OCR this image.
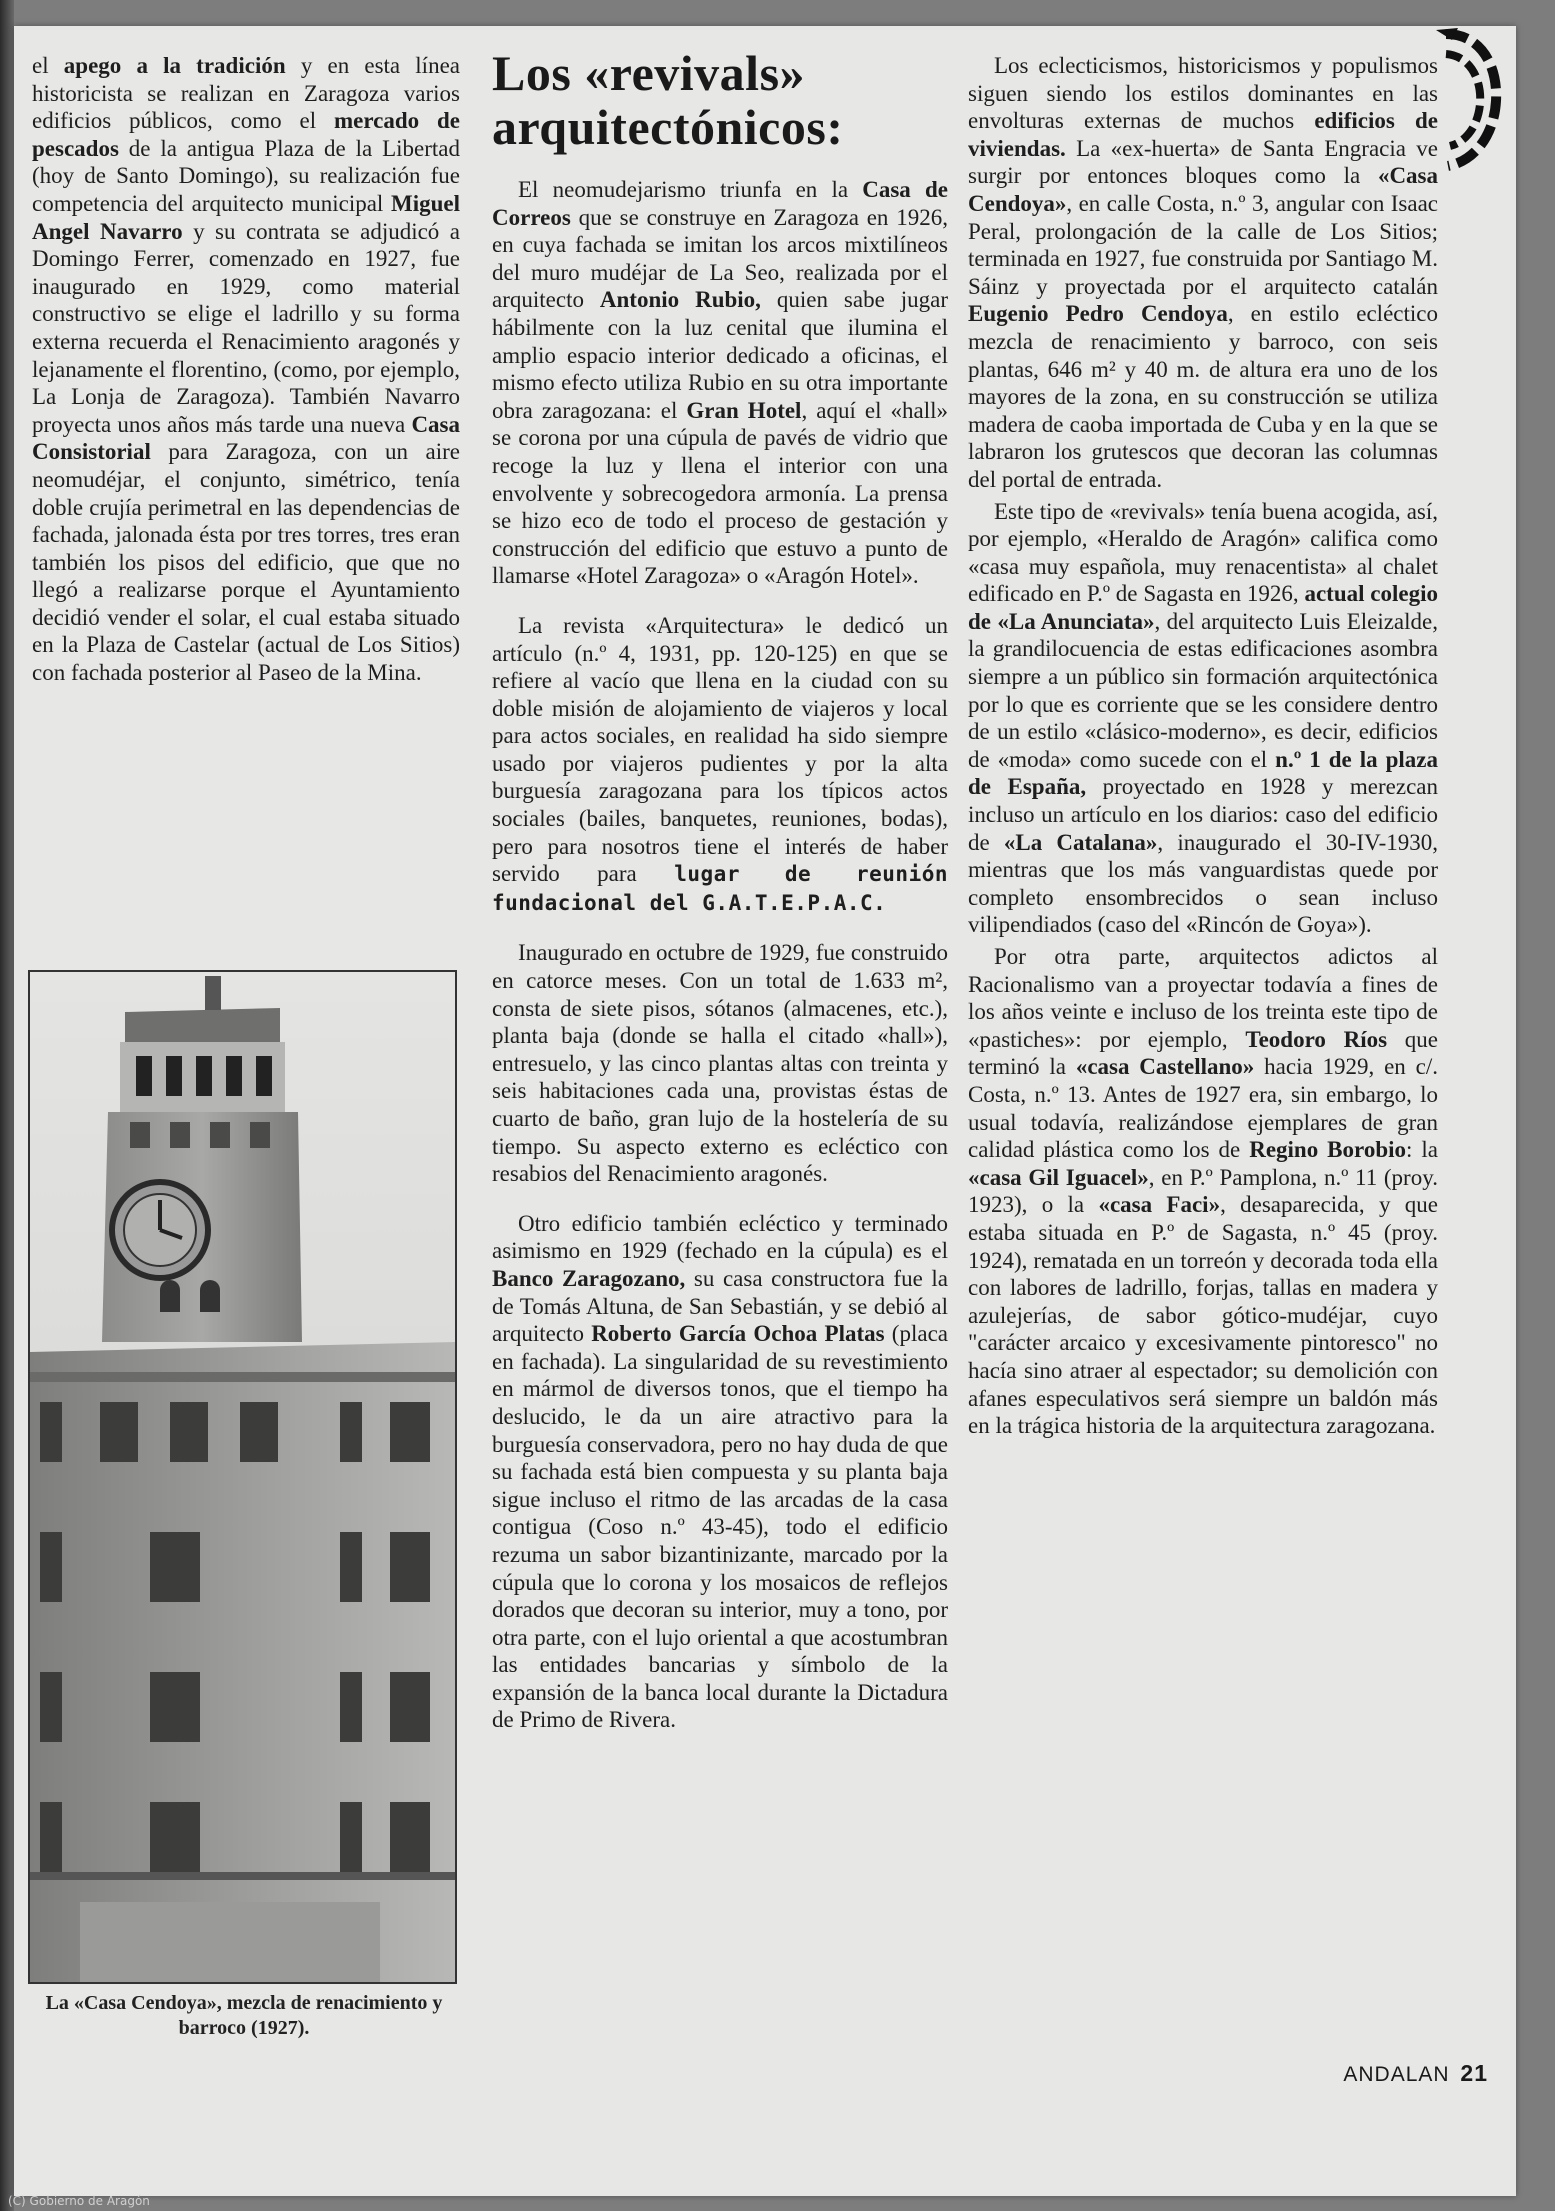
el apego a la tradición y en esta línea historicista se realizan en Zaragoza varios edificios públicos, como el mercado de pescados de la antigua Plaza de la Libertad (hoy de Santo Domingo), su realización fue competencia del arquitecto municipal Miguel Angel Navarro y su contrata se adjudicó a Domingo Ferrer, comenzado en 1927, fue inaugurado en 1929, como material constructivo se elige el ladrillo y su forma externa recuerda el Renacimiento aragonés y lejanamente el florentino, (como, por ejemplo, La Lonja de Zaragoza). También Navarro proyecta unos años más tarde una nueva Casa Consistorial para Zaragoza, con un aire neomudéjar, el conjunto, simétrico, tenía doble crujía perimetral en las dependencias de fachada, jalonada ésta por tres torres, tres eran también los pisos del edificio, que que no llegó a realizarse porque el Ayuntamiento decidió vender el solar, el cual estaba situado en la Plaza de Castelar (actual de Los Sitios) con fachada posterior al Paseo de la Mina.

La «Casa Cendoya», mezcla de renacimiento y barroco (1927).
Los «revivals» arquitectónicos:

El neomudejarismo triunfa en la Casa de Correos que se construye en Zaragoza en 1926, en cuya fachada se imitan los arcos mixtilíneos del muro mudéjar de La Seo, realizada por el arquitecto Antonio Rubio, quien sabe jugar hábilmente con la luz cenital que ilumina el amplio espacio interior dedicado a oficinas, el mismo efecto utiliza Rubio en su otra importante obra zaragozana: el Gran Hotel, aquí el «hall» se corona por una cúpula de pavés de vidrio que recoge la luz y llena el interior con una envolvente y sobrecogedora armonía. La prensa se hizo eco de todo el proceso de gestación y construcción del edificio que estuvo a punto de llamarse «Hotel Zaragoza» o «Aragón Hotel».

La revista «Arquitectura» le dedicó un artículo (n.º 4, 1931, pp. 120-125) en que se refiere al vacío que llena en la ciudad con su doble misión de alojamiento de viajeros y local para actos sociales, en realidad ha sido siempre usado por viajeros pudientes y por la alta burguesía zaragozana para los típicos actos sociales (bailes, banquetes, reuniones, bodas), pero para nosotros tiene el interés de haber servido para lugar de reunión fundacional del G.A.T.E.P.A.C.

Inaugurado en octubre de 1929, fue construido en catorce meses. Con un total de 1.633 m², consta de siete pisos, sótanos (almacenes, etc.), planta baja (donde se halla el citado «hall»), entresuelo, y las cinco plantas altas con treinta y seis habitaciones cada una, provistas éstas de cuarto de baño, gran lujo de la hostelería de su tiempo. Su aspecto externo es ecléctico con resabios del Renacimiento aragonés.

Otro edificio también ecléctico y terminado asimismo en 1929 (fechado en la cúpula) es el Banco Zaragozano, su casa constructora fue la de Tomás Altuna, de San Sebastián, y se debió al arquitecto Roberto García Ochoa Platas (placa en fachada). La singularidad de su revestimiento en mármol de diversos tonos, que el tiempo ha deslucido, le da un aire atractivo para la burguesía conservadora, pero no hay duda de que su fachada está bien compuesta y su planta baja sigue incluso el ritmo de las arcadas de la casa contigua (Coso n.º 43-45), todo el edificio rezuma un sabor bizantinizante, marcado por la cúpula que lo corona y los mosaicos de reflejos dorados que decoran su interior, muy a tono, por otra parte, con el lujo oriental a que acostumbran las entidades bancarias y símbolo de la expansión de la banca local durante la Dictadura de Primo de Rivera.

Los eclecticismos, historicismos y populismos siguen siendo los estilos dominantes en las envolturas externas de muchos edificios de viviendas. La «ex-huerta» de Santa Engracia ve surgir por entonces bloques como la «Casa Cendoya», en calle Costa, n.º 3, angular con Isaac Peral, prolongación de la calle de Los Sitios; terminada en 1927, fue construida por Santiago M. Sáinz y proyectada por el arquitecto catalán Eugenio Pedro Cendoya, en estilo ecléctico mezcla de renacimiento y barroco, con seis plantas, 646 m² y 40 m. de altura era uno de los mayores de la zona, en su construcción se utiliza madera de caoba importada de Cuba y en la que se labraron los grutescos que decoran las columnas del portal de entrada.

Este tipo de «revivals» tenía buena acogida, así, por ejemplo, «Heraldo de Aragón» califica como «casa muy española, muy renacentista» al chalet edificado en P.º de Sagasta en 1926, actual colegio de «La Anunciata», del arquitecto Luis Eleizalde, la grandilocuencia de estas edificaciones asombra siempre a un público sin formación arquitectónica por lo que es corriente que se les considere dentro de un estilo «clásico-moderno», es decir, edificios de «moda» como sucede con el n.º 1 de la plaza de España, proyectado en 1928 y merezcan incluso un artículo en los diarios: caso del edificio de «La Catalana», inaugurado el 30-IV-1930, mientras que los más vanguardistas quede por completo ensombrecidos o sean incluso vilipendiados (caso del «Rincón de Goya»).

Por otra parte, arquitectos adictos al Racionalismo van a proyectar todavía a fines de los años veinte e incluso de los treinta este tipo de «pastiches»: por ejemplo, Teodoro Ríos que terminó la «casa Castellano» hacia 1929, en c/. Costa, n.º 13. Antes de 1927 era, sin embargo, lo usual todavía, realizándose ejemplares de gran calidad plástica como los de Regino Borobio: la «casa Gil Iguacel», en P.º Pamplona, n.º 11 (proy. 1923), o la «casa Faci», desaparecida, y que estaba situada en P.º de Sagasta, n.º 45 (proy. 1924), rematada en un torreón y decorada toda ella con labores de ladrillo, forjas, tallas en madera y azulejerías, de sabor gótico-mudéjar, cuyo "carácter arcaico y excesivamente pintoresco" no hacía sino atraer al espectador; su demolición con afanes especulativos será siempre un baldón más en la trágica historia de la arquitectura zaragozana.

ANDALAN 21
(C) Gobierno de Aragón
